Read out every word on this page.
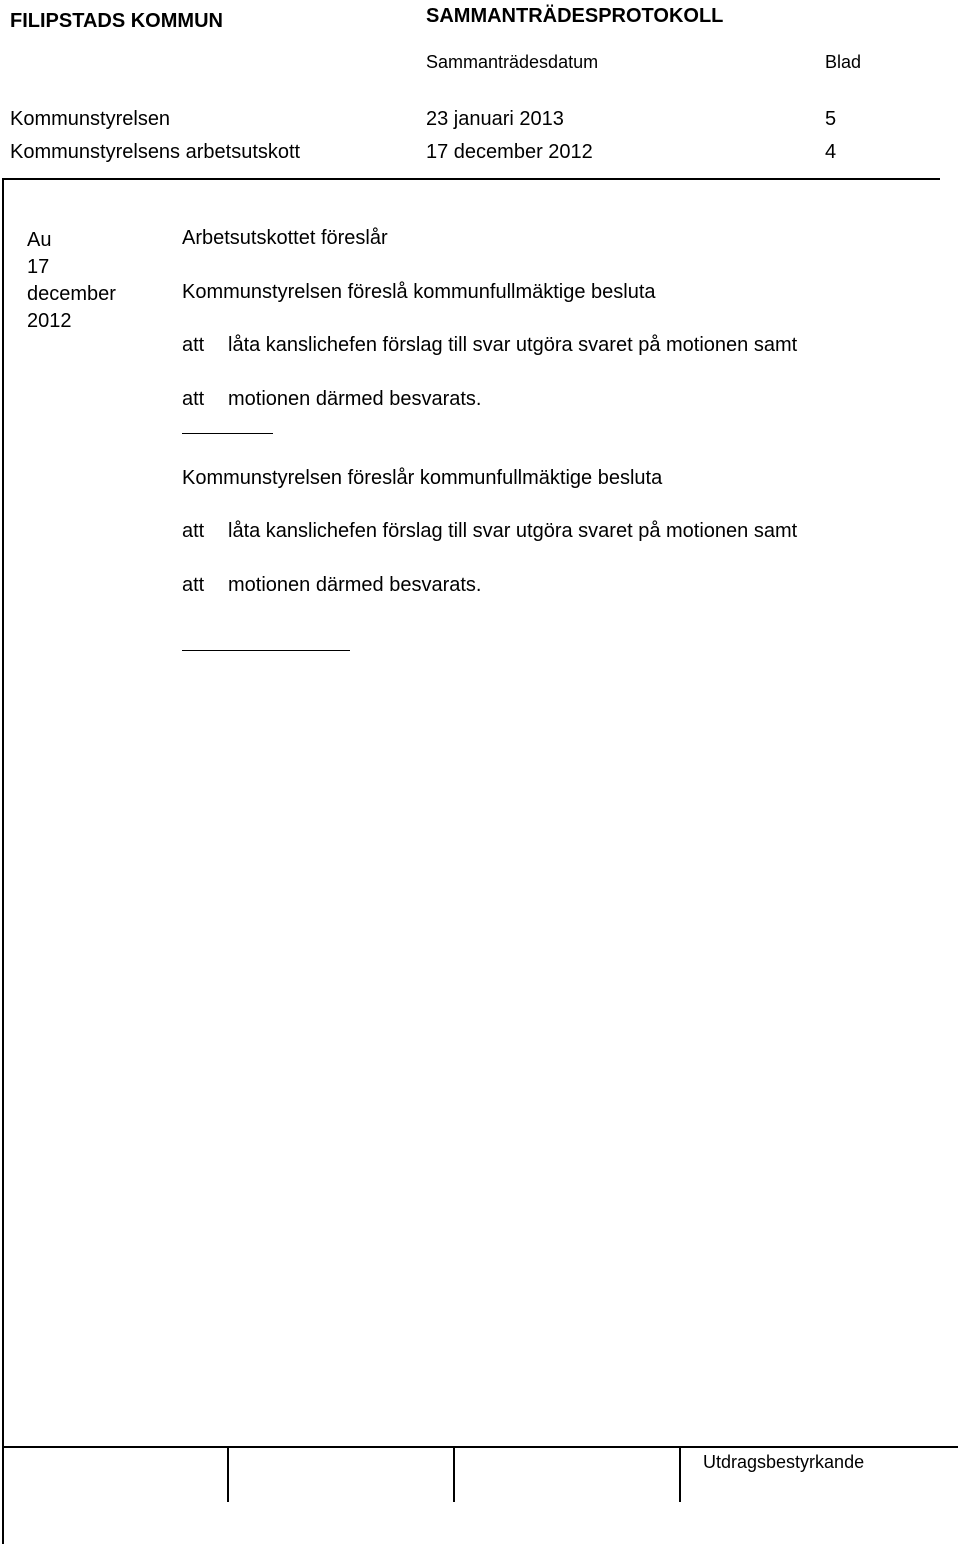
FILIPSTADS KOMMUN	SAMMANTRÄDESPROTOKOLL
Sammanträdesdatum	Blad
Kommunstyrelsen	23 januari 2013	5
Kommunstyrelsens arbetsutskott	17 december 2012	4
Au
17
december
2012
Arbetsutskottet föreslår
Kommunstyrelsen föreslå kommunfullmäktige besluta
att låta kanslichefen förslag till svar utgöra svaret på motionen samt
att motionen därmed besvarats.
Kommunstyrelsen föreslår kommunfullmäktige besluta
att låta kanslichefen förslag till svar utgöra svaret på motionen samt
att motionen därmed besvarats.
Utdragsbestyrkande
